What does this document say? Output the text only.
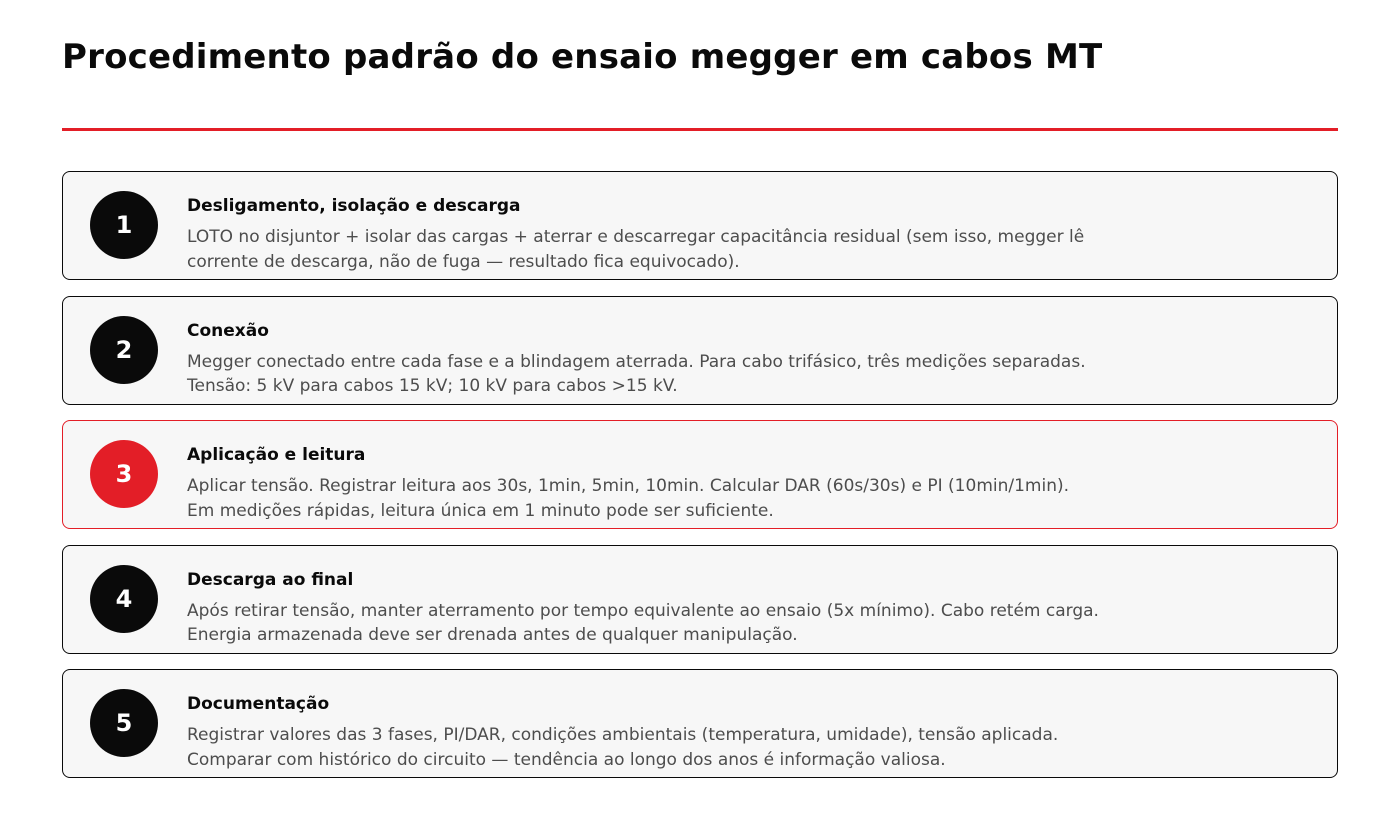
Procedimento padrão do ensaio megger em cabos MT
1
Desligamento, isolação e descarga
LOTO no disjuntor + isolar das cargas + aterrar e descarregar capacitância residual (sem isso, megger lê
corrente de descarga, não de fuga — resultado fica equivocado).
2
Conexão
Megger conectado entre cada fase e a blindagem aterrada. Para cabo trifásico, três medições separadas.
Tensão: 5 kV para cabos 15 kV; 10 kV para cabos >15 kV.
3
Aplicação e leitura
Aplicar tensão. Registrar leitura aos 30s, 1min, 5min, 10min. Calcular DAR (60s/30s) e PI (10min/1min).
Em medições rápidas, leitura única em 1 minuto pode ser suficiente.
4
Descarga ao final
Após retirar tensão, manter aterramento por tempo equivalente ao ensaio (5x mínimo). Cabo retém carga.
Energia armazenada deve ser drenada antes de qualquer manipulação.
5
Documentação
Registrar valores das 3 fases, PI/DAR, condições ambientais (temperatura, umidade), tensão aplicada.
Comparar com histórico do circuito — tendência ao longo dos anos é informação valiosa.
